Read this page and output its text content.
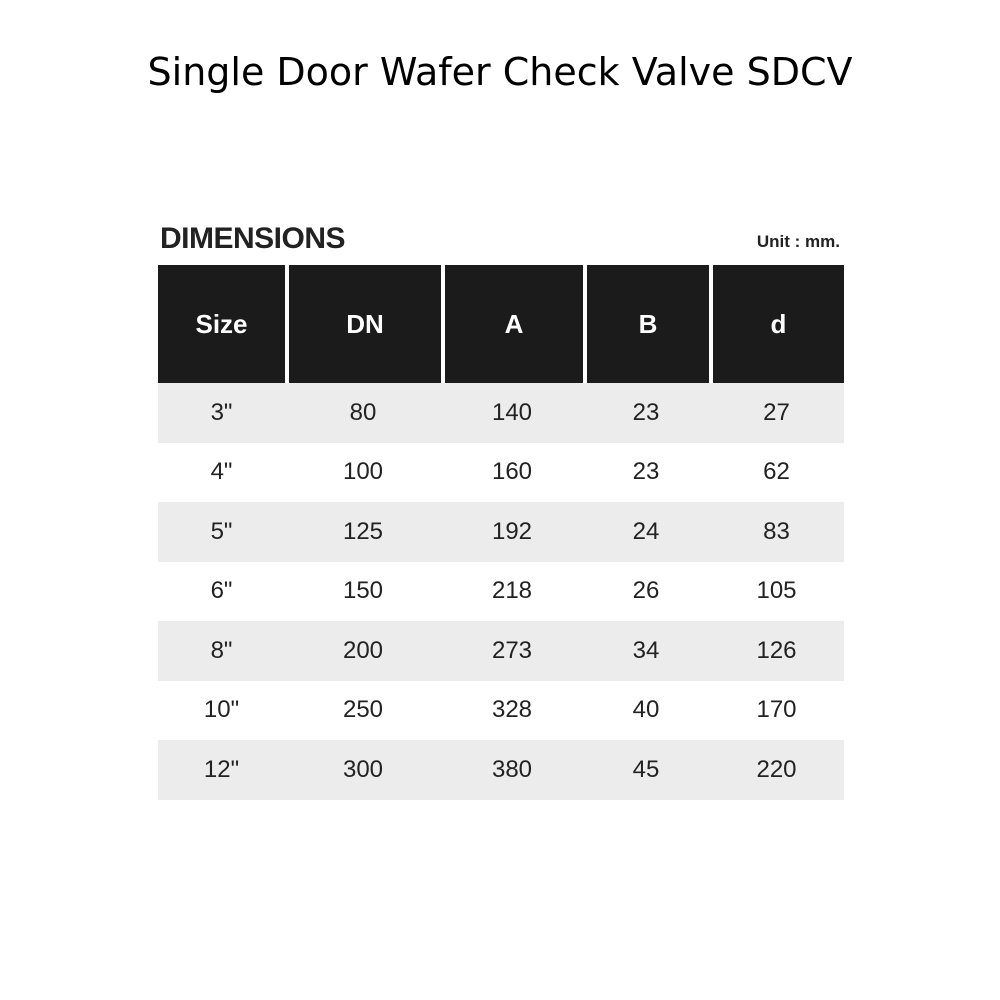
Single Door Wafer Check Valve SDCV
DIMENSIONS	Unit : mm.
Size	DN	A	B	d
3"	80	140	23	27
4"	100	160	23	62
5"	125	192	24	83
6"	150	218	26	105
8"	200	273	34	126
10"	250	328	40	170
12"	300	380	45	220
